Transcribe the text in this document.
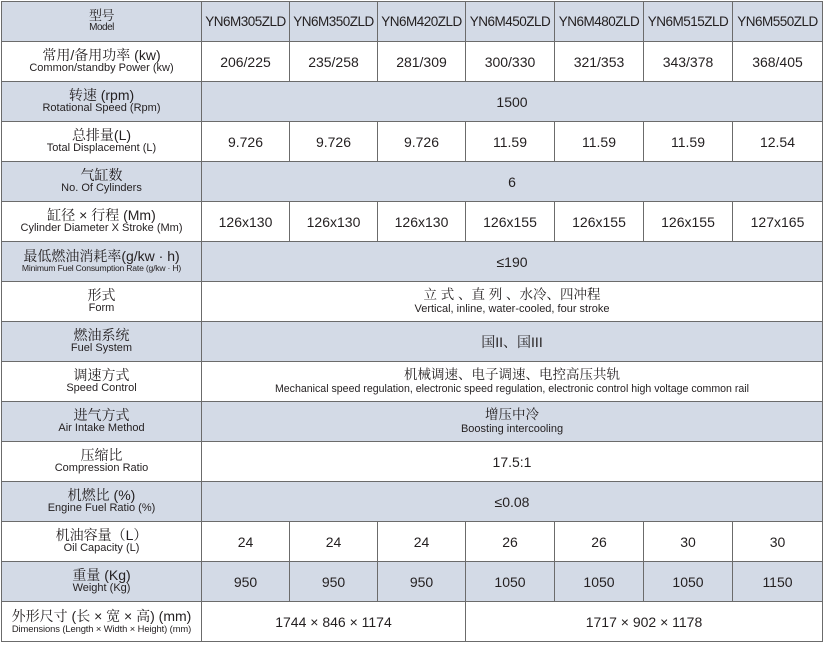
型号
Model	YN6M305ZLD	YN6M350ZLD	YN6M420ZLD	YN6M450ZLD	YN6M480ZLD	YN6M515ZLD	YN6M550ZLD

常用/备用功率 (kw)
Common/standby Power (kw)	206/225	235/258	281/309	300/330	321/353	343/378	368/405

转速 (rpm)
Rotational Speed (Rpm)	1500						

总排量(L)
Total Displacement (L)	9.726	9.726	9.726	11.59	11.59	11.59	12.54

气缸数
No. Of Cylinders	6						

缸径 × 行程 (Mm)
Cylinder Diameter X Stroke (Mm)	126x130	126x130	126x130	126x155	126x155	126x155	127x165

最低燃油消耗率(g/kw · h)
Minimum Fuel Consumption Rate (g/kw · H)	≤190						

形式
Form	立 式 、直 列 、水冷、四冲程
Vertical, inline, water-cooled, four stroke						

燃油系统
Fuel System	国II、国III						

调速方式
Speed Control	机械调速、电子调速、电控高压共轨
Mechanical speed regulation, electronic speed regulation, electronic control high voltage common rail						

进气方式
Air Intake Method	增压中冷
Boosting intercooling						

压缩比
Compression Ratio	17.5:1						

机燃比 (%)
Engine Fuel Ratio (%)	≤0.08						

机油容量（L）
Oil Capacity (L)	24	24	24	26	26	30	30

重量 (Kg)
Weight (Kg)	950	950	950	1050	1050	1050	1150

外形尺寸 (长 × 宽 × 高) (mm)
Dimensions (Length × Width × Height) (mm)	1744 × 846 × 1174			1717 × 902 × 1178			
